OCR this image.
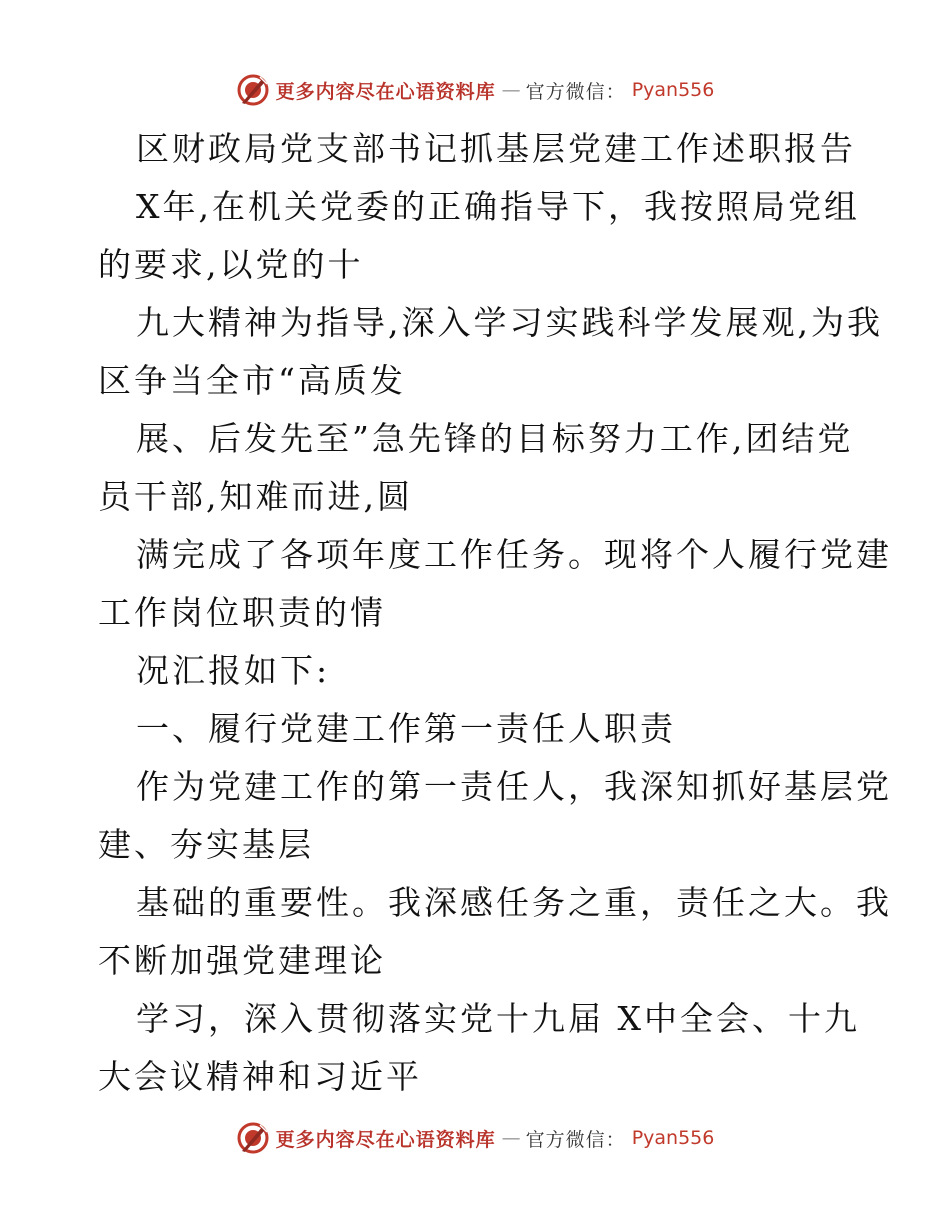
更多内容尽在心语资料库 — 官方微信： Pyan556
区财政局党支部书记抓基层党建工作述职报告
X年,在机关党委的正确指导下，我按照局党组
的要求,以党的十
九大精神为指导,深入学习实践科学发展观,为我
区争当全市“高质发
展、后发先至”急先锋的目标努力工作,团结党
员干部,知难而进,圆
满完成了各项年度工作任务。现将个人履行党建
工作岗位职责的情
况汇报如下:
一、履行党建工作第一责任人职责
作为党建工作的第一责任人，我深知抓好基层党
建、夯实基层
基础的重要性。我深感任务之重，责任之大。我
不断加强党建理论
学习，深入贯彻落实党十九届 X中全会、十九
大会议精神和习近平
更多内容尽在心语资料库 — 官方微信： Pyan556
